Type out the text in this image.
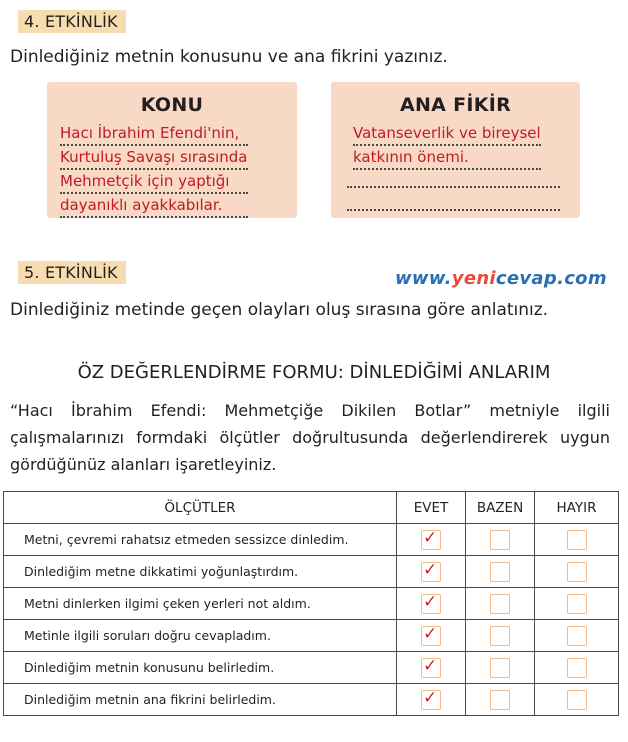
4. ETKİNLİK
Dinlediğiniz metnin konusunu ve ana fikrini yazınız.
KONU
Hacı İbrahim Efendi'nin,
Kurtuluş Savaşı sırasında
Mehmetçik için yaptığı
dayanıklı ayakkabılar.
ANA FİKİR
Vatanseverlik ve bireysel
katkının önemi.
5. ETKİNLİK	www.yenicevap.com
Dinlediğiniz metinde geçen olayları oluş sırasına göre anlatınız.
ÖZ DEĞERLENDİRME FORMU: DİNLEDİĞİMİ ANLARIM
“Hacı İbrahim Efendi: Mehmetçiğe Dikilen Botlar” metniyle ilgili çalışmalarınızı formdaki ölçütler doğrultusunda değerlendirerek uygun gördüğünüz alanları işaretleyiniz.
ÖLÇÜTLER	EVET	BAZEN	HAYIR
Metni, çevremi rahatsız etmeden sessizce dinledim.	✓		

Dinlediğim metne dikkatimi yoğunlaştırdım.	✓		

Metni dinlerken ilgimi çeken yerleri not aldım.	✓		

Metinle ilgili soruları doğru cevapladım.	✓		

Dinlediğim metnin konusunu belirledim.	✓		

Dinlediğim metnin ana fikrini belirledim.	✓		
